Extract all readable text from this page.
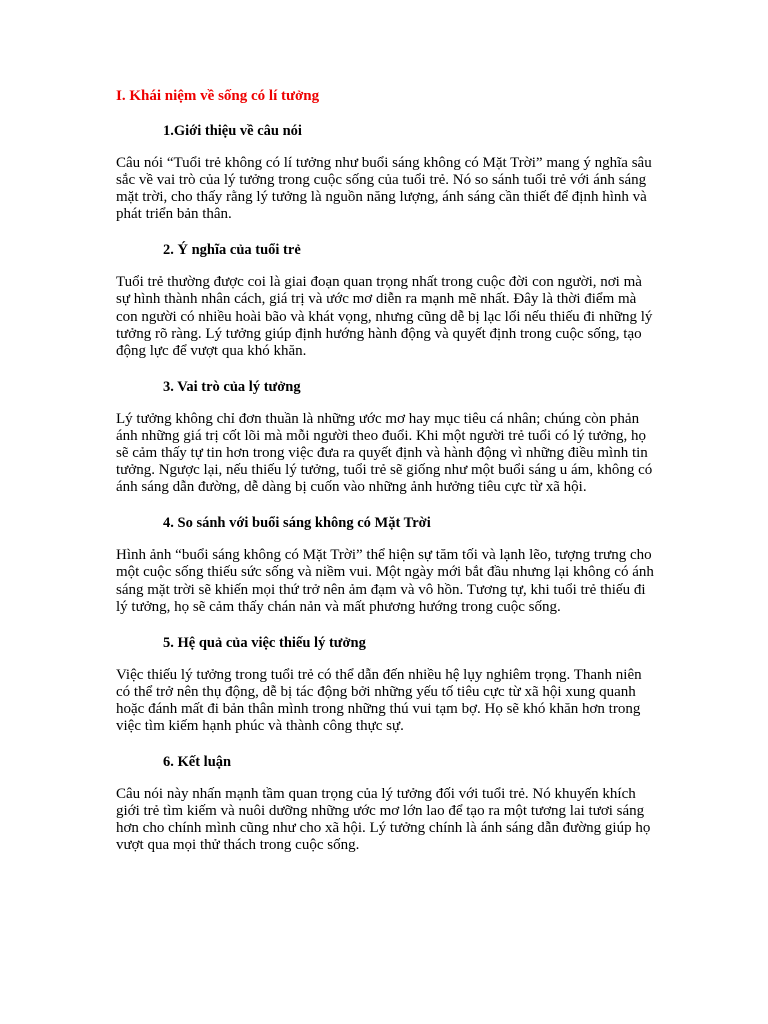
I. Khái niệm về sống có lí tưởng
1.Giới thiệu về câu nói

Câu nói “Tuổi trẻ không có lí tưởng như buổi sáng không có Mặt Trời” mang ý nghĩa sâu sắc về vai trò của lý tưởng trong cuộc sống của tuổi trẻ. Nó so sánh tuổi trẻ với ánh sáng mặt trời, cho thấy rằng lý tưởng là nguồn năng lượng, ánh sáng cần thiết để định hình và phát triển bản thân.

2. Ý nghĩa của tuổi trẻ

Tuổi trẻ thường được coi là giai đoạn quan trọng nhất trong cuộc đời con người, nơi mà sự hình thành nhân cách, giá trị và ước mơ diễn ra mạnh mẽ nhất. Đây là thời điểm mà con người có nhiều hoài bão và khát vọng, nhưng cũng dễ bị lạc lối nếu thiếu đi những lý tưởng rõ ràng. Lý tưởng giúp định hướng hành động và quyết định trong cuộc sống, tạo động lực để vượt qua khó khăn.

3. Vai trò của lý tưởng

Lý tưởng không chỉ đơn thuần là những ước mơ hay mục tiêu cá nhân; chúng còn phản ánh những giá trị cốt lõi mà mỗi người theo đuổi. Khi một người trẻ tuổi có lý tưởng, họ sẽ cảm thấy tự tin hơn trong việc đưa ra quyết định và hành động vì những điều mình tin tưởng. Ngược lại, nếu thiếu lý tưởng, tuổi trẻ sẽ giống như một buổi sáng u ám, không có ánh sáng dẫn đường, dễ dàng bị cuốn vào những ảnh hưởng tiêu cực từ xã hội.

4. So sánh với buổi sáng không có Mặt Trời

Hình ảnh “buổi sáng không có Mặt Trời” thể hiện sự tăm tối và lạnh lẽo, tượng trưng cho một cuộc sống thiếu sức sống và niềm vui. Một ngày mới bắt đầu nhưng lại không có ánh sáng mặt trời sẽ khiến mọi thứ trở nên ảm đạm và vô hồn. Tương tự, khi tuổi trẻ thiếu đi lý tưởng, họ sẽ cảm thấy chán nản và mất phương hướng trong cuộc sống.

5. Hệ quả của việc thiếu lý tưởng

Việc thiếu lý tưởng trong tuổi trẻ có thể dẫn đến nhiều hệ lụy nghiêm trọng. Thanh niên có thể trở nên thụ động, dễ bị tác động bởi những yếu tố tiêu cực từ xã hội xung quanh hoặc đánh mất đi bản thân mình trong những thú vui tạm bợ. Họ sẽ khó khăn hơn trong việc tìm kiếm hạnh phúc và thành công thực sự.

6. Kết luận

Câu nói này nhấn mạnh tầm quan trọng của lý tưởng đối với tuổi trẻ. Nó khuyến khích giới trẻ tìm kiếm và nuôi dưỡng những ước mơ lớn lao để tạo ra một tương lai tươi sáng hơn cho chính mình cũng như cho xã hội. Lý tưởng chính là ánh sáng dẫn đường giúp họ vượt qua mọi thử thách trong cuộc sống.
